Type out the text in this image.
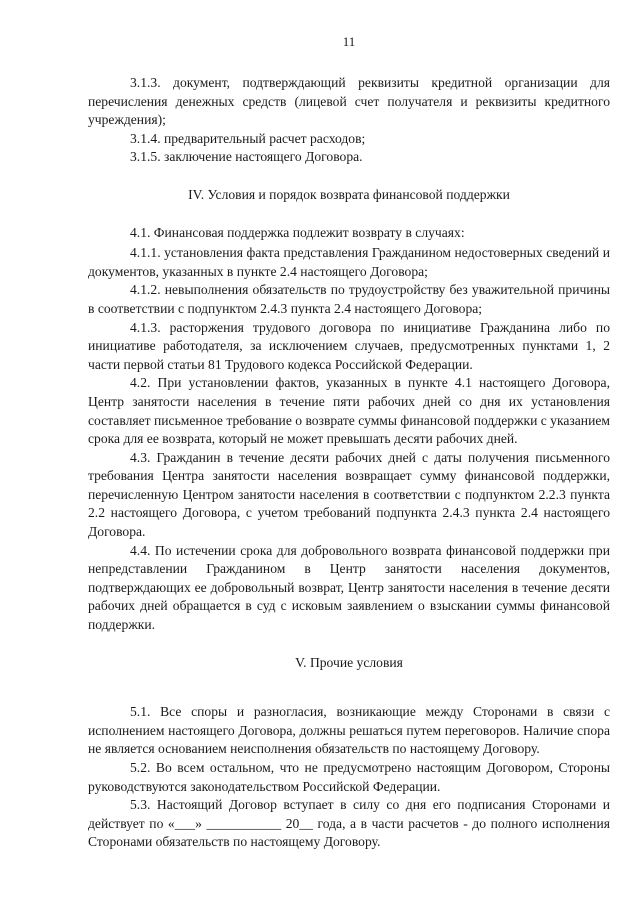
11

3.1.3. документ, подтверждающий реквизиты кредитной организации для перечисления денежных средств (лицевой счет получателя и реквизиты кредитного учреждения);

3.1.4. предварительный расчет расходов;

3.1.5. заключение настоящего Договора.

IV. Условия и порядок возврата финансовой поддержки

4.1. Финансовая поддержка подлежит возврату в случаях:

4.1.1. установления факта представления Гражданином недостоверных сведений и документов, указанных в пункте 2.4 настоящего Договора;

4.1.2. невыполнения обязательств по трудоустройству без уважительной причины в соответствии с подпунктом 2.4.3 пункта 2.4 настоящего Договора;

4.1.3. расторжения трудового договора по инициативе Гражданина либо по инициативе работодателя, за исключением случаев, предусмотренных пунктами 1, 2 части первой статьи 81 Трудового кодекса Российской Федерации.

4.2. При установлении фактов, указанных в пункте 4.1 настоящего Договора, Центр занятости населения в течение пяти рабочих дней со дня их установления составляет письменное требование о возврате суммы финансовой поддержки с указанием срока для ее возврата, который не может превышать десяти рабочих дней.

4.3. Гражданин в течение десяти рабочих дней с даты получения письменного требования Центра занятости населения возвращает сумму финансовой поддержки, перечисленную Центром занятости населения в соответствии с подпунктом 2.2.3 пункта 2.2 настоящего Договора, с учетом требований подпункта 2.4.3 пункта 2.4 настоящего Договора.

4.4. По истечении срока для добровольного возврата финансовой поддержки при непредставлении Гражданином в Центр занятости населения документов, подтверждающих ее добровольный возврат, Центр занятости населения в течение десяти рабочих дней обращается в суд с исковым заявлением о взыскании суммы финансовой поддержки.

V. Прочие условия

5.1. Все споры и разногласия, возникающие между Сторонами в связи с исполнением настоящего Договора, должны решаться путем переговоров. Наличие спора не является основанием неисполнения обязательств по настоящему Договору.

5.2. Во всем остальном, что не предусмотрено настоящим Договором, Стороны руководствуются законодательством Российской Федерации.

5.3. Настоящий Договор вступает в силу со дня его подписания Сторонами и действует по «___» ___________ 20__ года, а в части расчетов - до полного исполнения Сторонами обязательств по настоящему Договору.
